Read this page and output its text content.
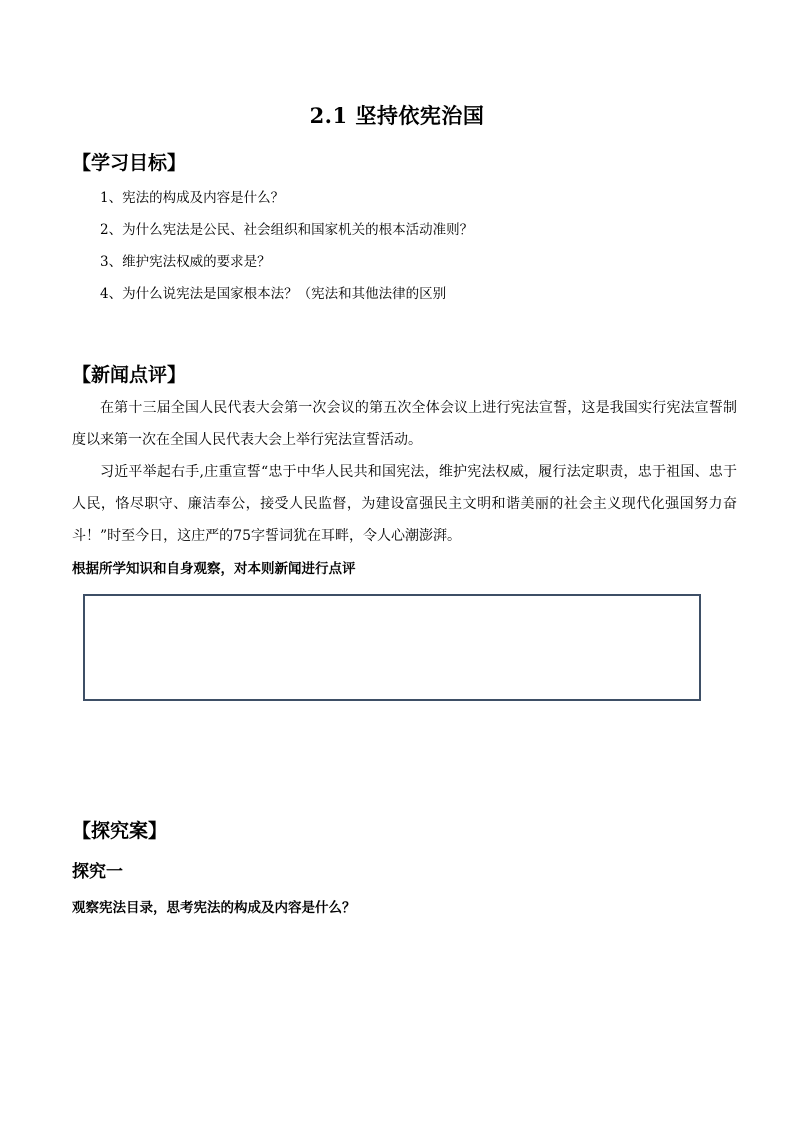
2.1 坚持依宪治国
【学习目标】
1、宪法的构成及内容是什么？
2、为什么宪法是公民、社会组织和国家机关的根本活动准则？
3、维护宪法权威的要求是？
4、为什么说宪法是国家根本法？（宪法和其他法律的区别
【新闻点评】
在第十三届全国人民代表大会第一次会议的第五次全体会议上进行宪法宣誓，这是我国实行宪法宣誓制度以来第一次在全国人民代表大会上举行宪法宣誓活动。
习近平举起右手,庄重宣誓“忠于中华人民共和国宪法，维护宪法权威，履行法定职责，忠于祖国、忠于人民，恪尽职守、廉洁奉公，接受人民监督，为建设富强民主文明和谐美丽的社会主义现代化强国努力奋斗！”时至今日，这庄严的75字誓词犹在耳畔，令人心潮澎湃。
根据所学知识和自身观察，对本则新闻进行点评
【探究案】
探究一
观察宪法目录，思考宪法的构成及内容是什么？
